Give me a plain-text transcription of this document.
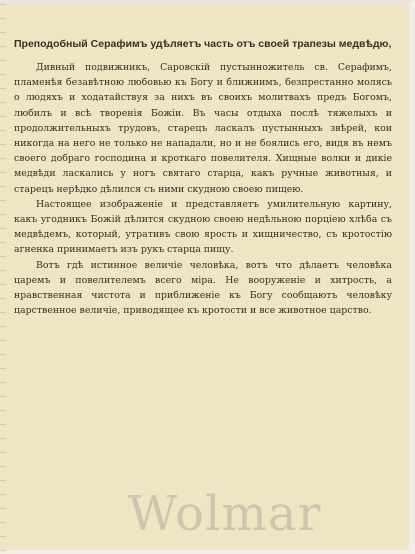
Преподобный Серафимъ удѣляетъ часть отъ своей трапезы медвѣдю,

Дивный подвижникъ, Саровскій пустынножитель св. Серафимъ, пламенѣя безавѣтною любовью къ Богу и ближнимъ, безпрестанно молясь о людяхъ и ходатайствуя за нихъ въ своихъ молитвахъ предъ Богомъ, любилъ и всѣ творенія Божіи. Въ часы отдыха послѣ тяжелыхъ и продолжительныхъ трудовъ, старецъ ласкалъ пустынныхъ звѣрей, кои никогда на него не только не нападали, но и не боялись его, видя въ немъ своего добраго господина и кроткаго повелителя. Хищные волки и дикіе медвѣди ласкались у ногъ святаго старца, какъ ручные животныя, и старецъ нерѣдко дѣлился съ ними скудною своею пищею.

Настоящее изображеніе и представляетъ умилительную картину, какъ угодникъ Божій дѣлится скудною своею недѣльною порціею хлѣба съ медвѣдемъ, который, утративъ свою ярость и хищничество, съ кротостію агненка принимаетъ изъ рукъ старца пищу.

Вотъ гдѣ истинное величіе человѣка, вотъ что дѣлаетъ человѣка царемъ и повелителемъ всего міра. Не вооруженіе и хитрость, а нравственная чистота и приближеніе къ Богу сообщаютъ человѣку царственное величіе, приводящее къ кротости и все животное царство.

Wolmar
